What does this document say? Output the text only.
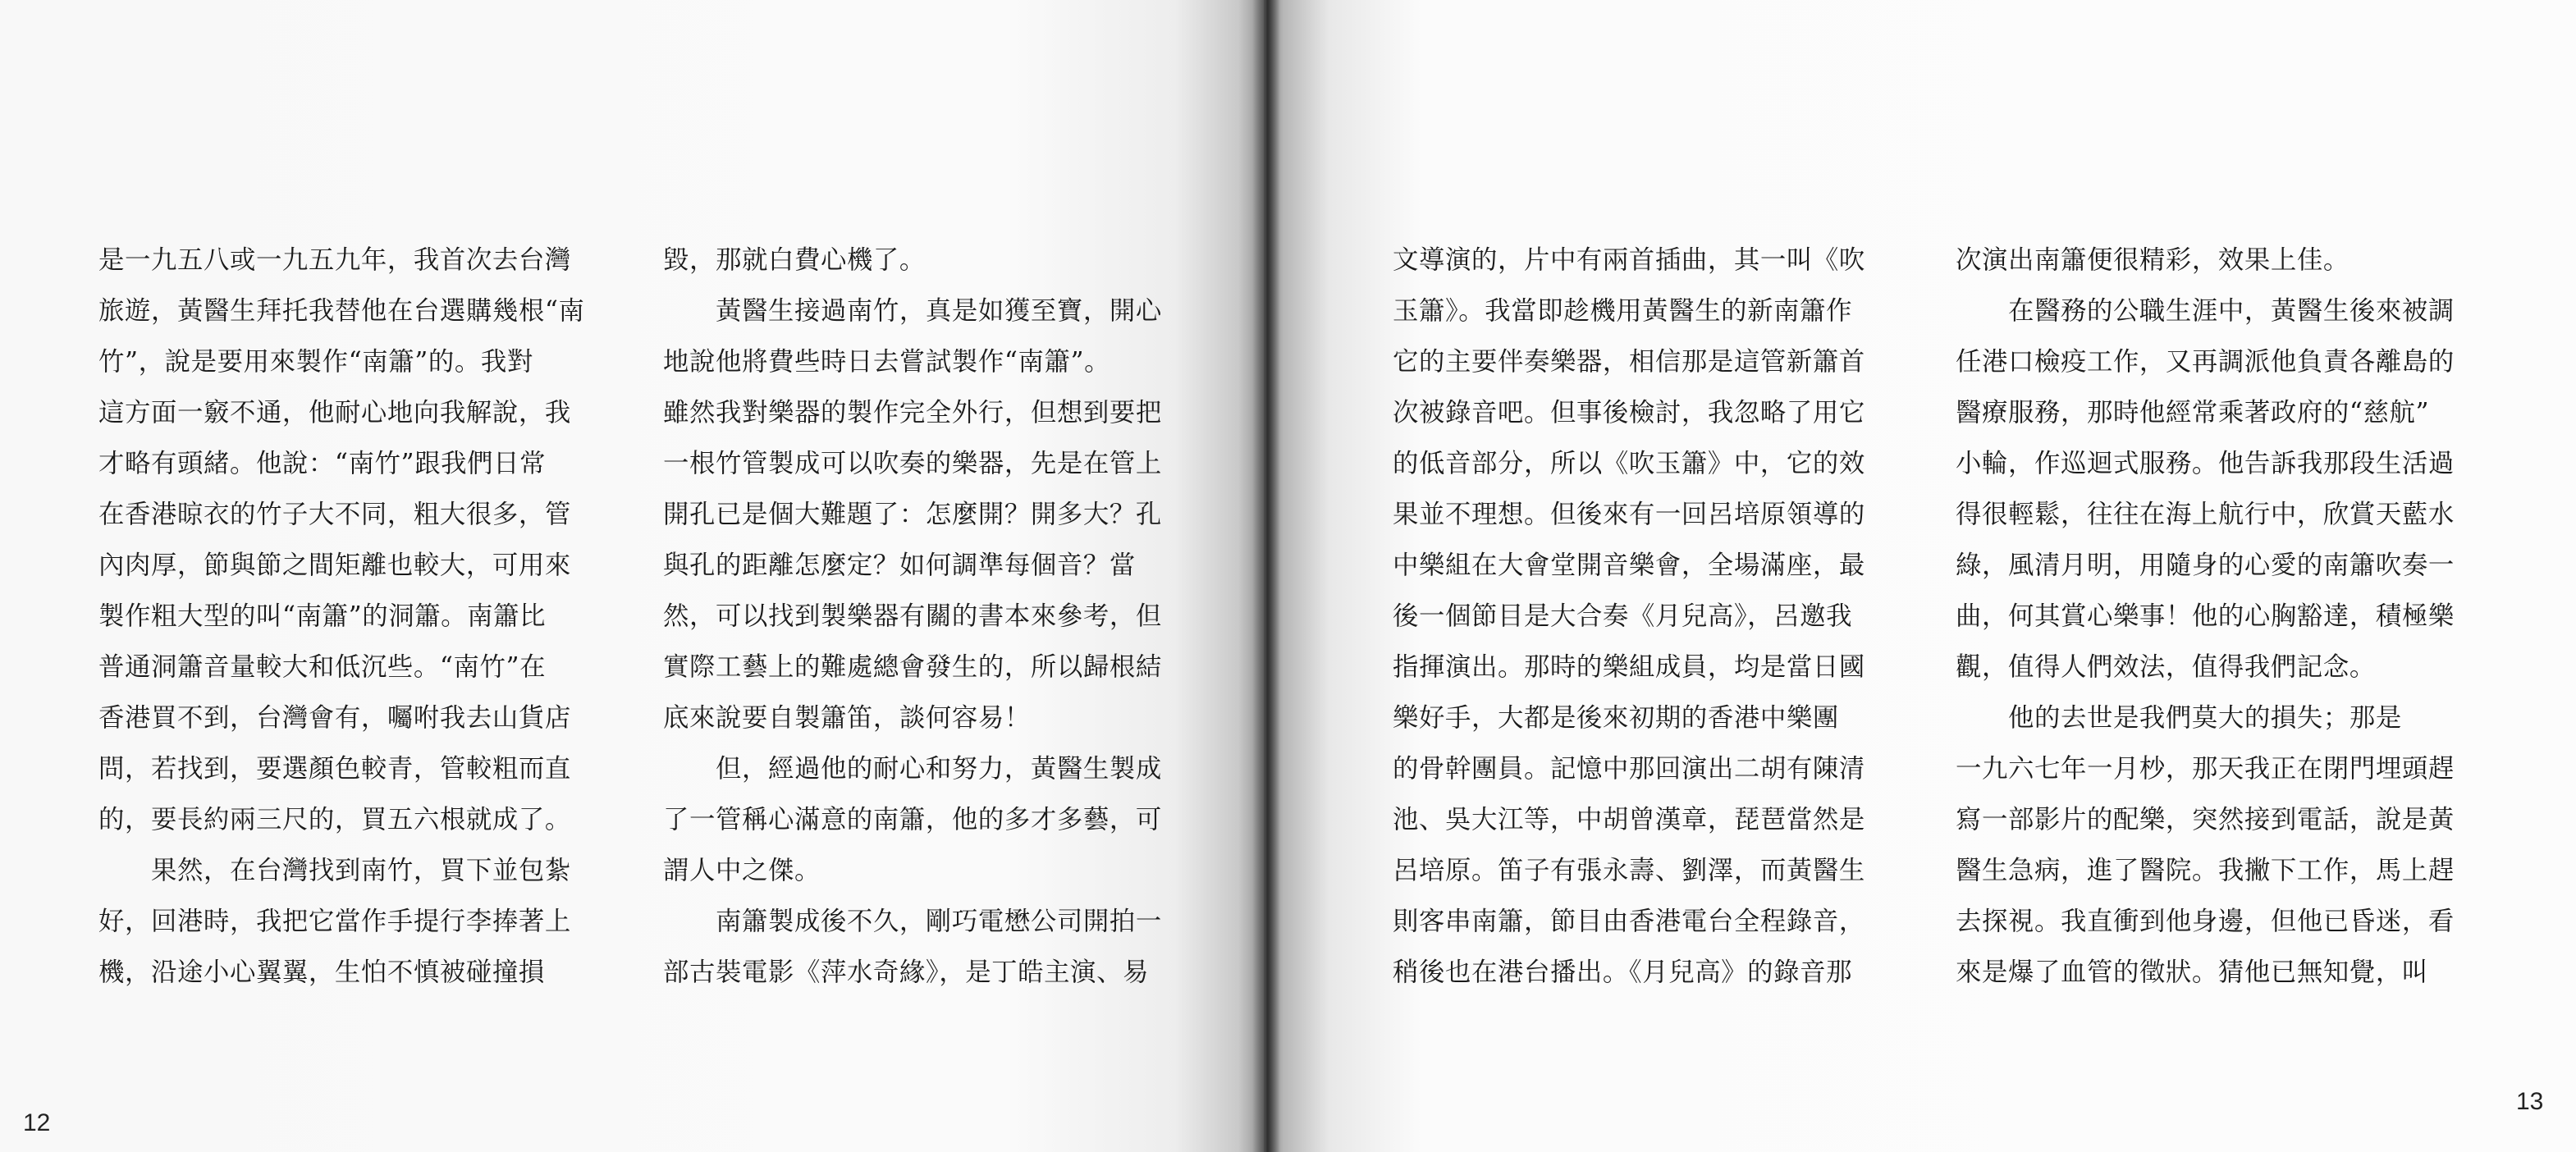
是一九五八或一九五九年，我首次去台灣
旅遊，黃醫生拜托我替他在台選購幾根“南
竹”，說是要用來製作“南簫”的。我對
這方面一竅不通，他耐心地向我解說，我
才略有頭緒。他說：“南竹”跟我們日常
在香港晾衣的竹子大不同，粗大很多，管
內肉厚，節與節之間矩離也較大，可用來
製作粗大型的叫“南簫”的洞簫。南簫比
普通洞簫音量較大和低沉些。“南竹”在
香港買不到，台灣會有，囑咐我去山貨店
問，若找到，要選顏色較青，管較粗而直
的，要長約兩三尺的，買五六根就成了。
　　果然，在台灣找到南竹，買下並包紮
好，回港時，我把它當作手提行李捧著上
機，沿途小心翼翼，生怕不慎被碰撞損
毀，那就白費心機了。
　　黃醫生接過南竹，真是如獲至寶，開心
地說他將費些時日去嘗試製作“南簫”。
雖然我對樂器的製作完全外行，但想到要把
一根竹管製成可以吹奏的樂器，先是在管上
開孔已是個大難題了：怎麼開？開多大？孔
與孔的距離怎麼定？如何調準每個音？當
然，可以找到製樂器有關的書本來參考，但
實際工藝上的難處總會發生的，所以歸根結
底來說要自製簫笛，談何容易！
　　但，經過他的耐心和努力，黃醫生製成
了一管稱心滿意的南簫，他的多才多藝，可
謂人中之傑。
　　南簫製成後不久，剛巧電懋公司開拍一
部古裝電影《萍水奇緣》，是丁皓主演、易
12
文導演的，片中有兩首插曲，其一叫《吹
玉簫》。我當即趁機用黃醫生的新南簫作
它的主要伴奏樂器，相信那是這管新簫首
次被錄音吧。但事後檢討，我忽略了用它
的低音部分，所以《吹玉簫》中，它的效
果並不理想。但後來有一回呂培原領導的
中樂組在大會堂開音樂會，全場滿座，最
後一個節目是大合奏《月兒高》，呂邀我
指揮演出。那時的樂組成員，均是當日國
樂好手，大都是後來初期的香港中樂團
的骨幹團員。記憶中那回演出二胡有陳清
池、吳大江等，中胡曾漢章，琵琶當然是
呂培原。笛子有張永壽、劉澤，而黃醫生
則客串南簫，節目由香港電台全程錄音，
稍後也在港台播出。《月兒高》的錄音那
次演出南簫便很精彩，效果上佳。
　　在醫務的公職生涯中，黃醫生後來被調
任港口檢疫工作，又再調派他負責各離島的
醫療服務，那時他經常乘著政府的“慈航”
小輪，作巡迴式服務。他告訴我那段生活過
得很輕鬆，往往在海上航行中，欣賞天藍水
綠，風清月明，用隨身的心愛的南簫吹奏一
曲，何其賞心樂事！他的心胸豁達，積極樂
觀，值得人們效法，值得我們記念。
　　他的去世是我們莫大的損失；那是
一九六七年一月杪，那天我正在閉門埋頭趕
寫一部影片的配樂，突然接到電話，說是黃
醫生急病，進了醫院。我撇下工作，馬上趕
去探視。我直衝到他身邊，但他已昏迷，看
來是爆了血管的徵狀。猜他已無知覺，叫
13
